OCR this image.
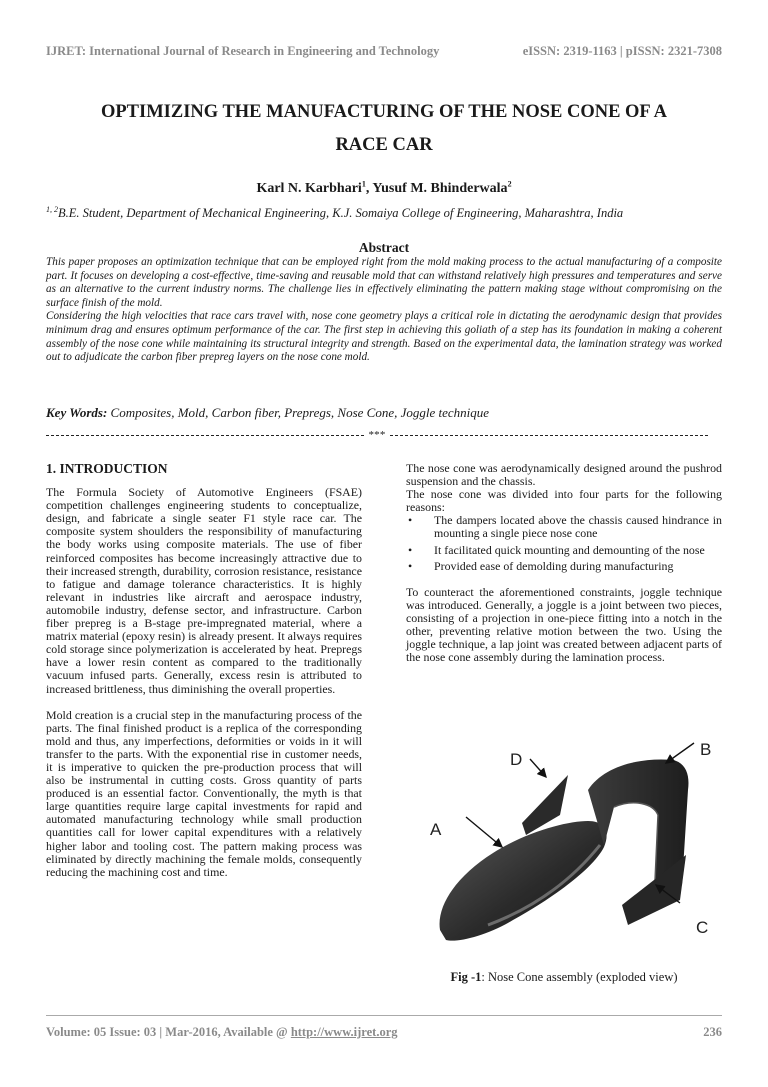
IJRET: International Journal of Research in Engineering and Technology	eISSN: 2319-1163 | pISSN: 2321-7308
OPTIMIZING THE MANUFACTURING OF THE NOSE CONE OF A
RACE CAR
Karl N. Karbhari$^1$, Yusuf M. Bhinderwala$^2$
$^{1, 2}$B.E. Student, Department of Mechanical Engineering, K.J. Somaiya College of Engineering, Maharashtra, India
Abstract

This paper proposes an optimization technique that can be employed right from the mold making process to the actual manufacturing of a composite part. It focuses on developing a cost-effective, time-saving and reusable mold that can withstand relatively high pressures and temperatures and serve as an alternative to the current industry norms. The challenge lies in effectively eliminating the pattern making stage without compromising on the surface finish of the mold.

Considering the high velocities that race cars travel with, nose cone geometry plays a critical role in dictating the aerodynamic design that provides minimum drag and ensures optimum performance of the car. The first step in achieving this goliath of a step has its foundation in making a coherent assembly of the nose cone while maintaining its structural integrity and strength. Based on the experimental data, the lamination strategy was worked out to adjudicate the carbon fiber prepreg layers on the nose cone mold.

Key Words: Composites, Mold, Carbon fiber, Prepregs, Nose Cone, Joggle technique
***
1. INTRODUCTION

The Formula Society of Automotive Engineers (FSAE) competition challenges engineering students to conceptualize, design, and fabricate a single seater F1 style race car. The composite system shoulders the responsibility of manufacturing the body works using composite materials. The use of fiber reinforced composites has become increasingly attractive due to their increased strength, durability, corrosion resistance, resistance to fatigue and damage tolerance characteristics. It is highly relevant in industries like aircraft and aerospace industry, automobile industry, defense sector, and infrastructure. Carbon fiber prepreg is a B-stage pre-impregnated material, where a matrix material (epoxy resin) is already present. It always requires cold storage since polymerization is accelerated by heat. Prepregs have a lower resin content as compared to the traditionally vacuum infused parts. Generally, excess resin is attributed to increased brittleness, thus diminishing the overall properties.

Mold creation is a crucial step in the manufacturing process of the parts. The final finished product is a replica of the corresponding mold and thus, any imperfections, deformities or voids in it will transfer to the parts. With the exponential rise in customer needs, it is imperative to quicken the pre-production process that will also be instrumental in cutting costs. Gross quantity of parts produced is an essential factor. Conventionally, the myth is that large quantities require large capital investments for rapid and automated manufacturing technology while small production quantities call for lower capital expenditures with a relatively higher labor and tooling cost. The pattern making process was eliminated by directly machining the female molds, consequently reducing the machining cost and time.

The nose cone was aerodynamically designed around the pushrod suspension and the chassis.

The nose cone was divided into four parts for the following reasons:

• The dampers located above the chassis caused hindrance in mounting a single piece nose cone
• It facilitated quick mounting and demounting of the nose
• Provided ease of demolding during manufacturing

To counteract the aforementioned constraints, joggle technique was introduced. Generally, a joggle is a joint between two pieces, consisting of a projection in one-piece fitting into a notch in the other, preventing relative motion between the two. Using the joggle technique, a lap joint was created between adjacent parts of the nose cone assembly during the lamination process.

D
B
A
C
Fig -1: Nose Cone assembly (exploded view)
Volume: 05 Issue: 03 | Mar-2016, Available @ http://www.ijret.org	236
